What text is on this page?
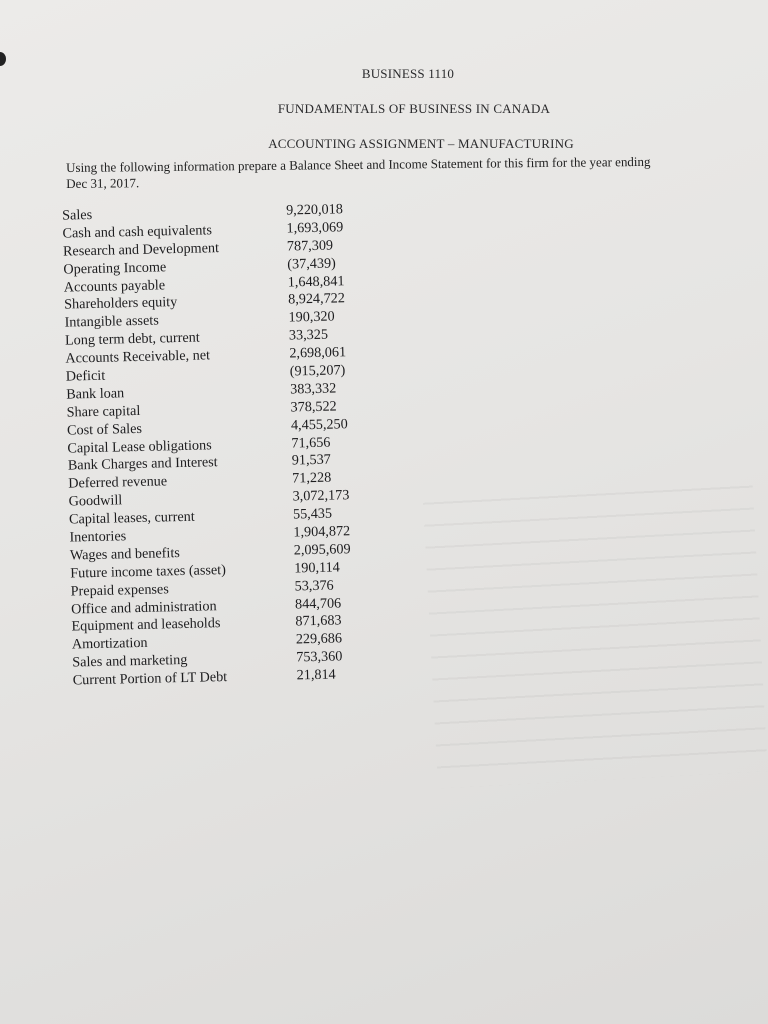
BUSINESS 1110
FUNDAMENTALS OF BUSINESS IN CANADA
ACCOUNTING ASSIGNMENT – MANUFACTURING
Using the following information prepare a Balance Sheet and Income Statement for this firm for the year ending
Dec 31, 2017.
Sales	9,220,018
Cash and cash equivalents	1,693,069
Research and Development	787,309
Operating Income	(37,439)
Accounts payable	1,648,841
Shareholders equity	8,924,722
Intangible assets	190,320
Long term debt, current	33,325
Accounts Receivable, net	2,698,061
Deficit	(915,207)
Bank loan	383,332
Share capital	378,522
Cost of Sales	4,455,250
Capital Lease obligations	71,656
Bank Charges and Interest	91,537
Deferred revenue	71,228
Goodwill	3,072,173
Capital leases, current	55,435
Inentories	1,904,872
Wages and benefits	2,095,609
Future income taxes (asset)	190,114
Prepaid expenses	53,376
Office and administration	844,706
Equipment and leaseholds	871,683
Amortization	229,686
Sales and marketing	753,360
Current Portion of LT Debt	21,814
